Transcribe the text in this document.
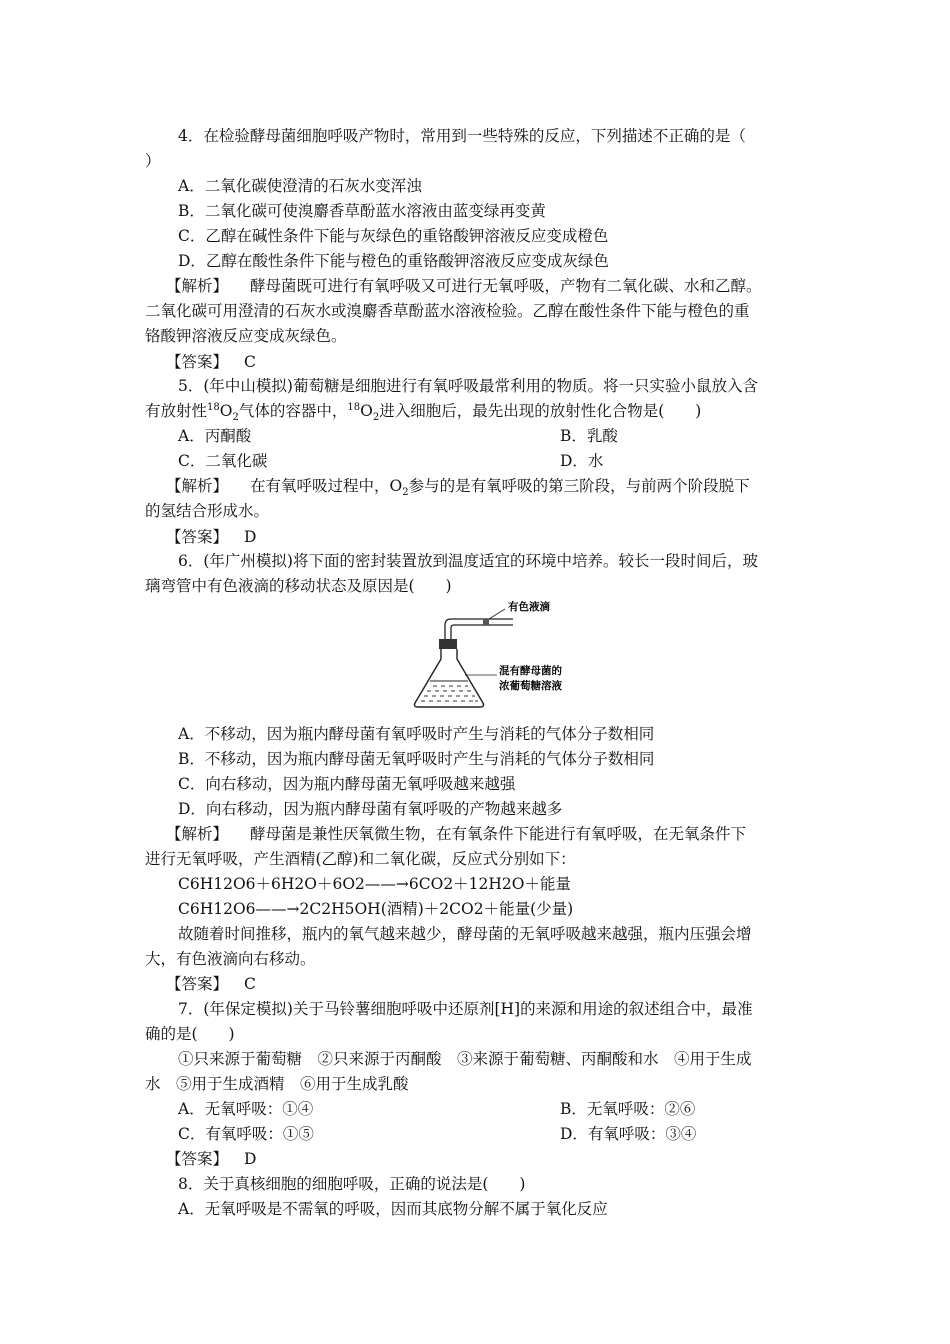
4．在检验酵母菌细胞呼吸产物时，常用到一些特殊的反应，下列描述不正确的是（
）
A．二氧化碳使澄清的石灰水变浑浊
B．二氧化碳可使溴麝香草酚蓝水溶液由蓝变绿再变黄
C．乙醇在碱性条件下能与灰绿色的重铬酸钾溶液反应变成橙色
D．乙醇在酸性条件下能与橙色的重铬酸钾溶液反应变成灰绿色
【解析】 酵母菌既可进行有氧呼吸又可进行无氧呼吸，产物有二氧化碳、水和乙醇。
二氧化碳可用澄清的石灰水或溴麝香草酚蓝水溶液检验。乙醇在酸性条件下能与橙色的重
铬酸钾溶液反应变成灰绿色。
【答案】 C
5．(年中山模拟)葡萄糖是细胞进行有氧呼吸最常利用的物质。将一只实验小鼠放入含
有放射性$^{18}O_2$气体的容器中，$^{18}O_2$进入细胞后，最先出现的放射性化合物是(　　)
A．丙酮酸	B．乳酸
C．二氧化碳	D．水
【解析】 在有氧呼吸过程中，$O_2$参与的是有氧呼吸的第三阶段，与前两个阶段脱下
的氢结合形成水。
【答案】 D
6．(年广州模拟)将下面的密封装置放到温度适宜的环境中培养。较长一段时间后，玻
璃弯管中有色液滴的移动状态及原因是(　　)
有色液滴
混有酵母菌的
浓葡萄糖溶液
A．不移动，因为瓶内酵母菌有氧呼吸时产生与消耗的气体分子数相同
B．不移动，因为瓶内酵母菌无氧呼吸时产生与消耗的气体分子数相同
C．向右移动，因为瓶内酵母菌无氧呼吸越来越强
D．向右移动，因为瓶内酵母菌有氧呼吸的产物越来越多
【解析】 酵母菌是兼性厌氧微生物，在有氧条件下能进行有氧呼吸，在无氧条件下
进行无氧呼吸，产生酒精(乙醇)和二氧化碳，反应式分别如下：
C6H12O6＋6H2O＋6O2——→6CO2＋12H2O＋能量
C6H12O6——→2C2H5OH(酒精)＋2CO2＋能量(少量)
故随着时间推移，瓶内的氧气越来越少，酵母菌的无氧呼吸越来越强，瓶内压强会增
大，有色液滴向右移动。
【答案】 C
7．(年保定模拟)关于马铃薯细胞呼吸中还原剂[H]的来源和用途的叙述组合中，最准
确的是(　　)
①只来源于葡萄糖　②只来源于丙酮酸　③来源于葡萄糖、丙酮酸和水　④用于生成
水　⑤用于生成酒精　⑥用于生成乳酸
A．无氧呼吸：①④	B．无氧呼吸：②⑥
C．有氧呼吸：①⑤	D．有氧呼吸：③④
【答案】 D
8．关于真核细胞的细胞呼吸，正确的说法是(　　)
A．无氧呼吸是不需氧的呼吸，因而其底物分解不属于氧化反应
